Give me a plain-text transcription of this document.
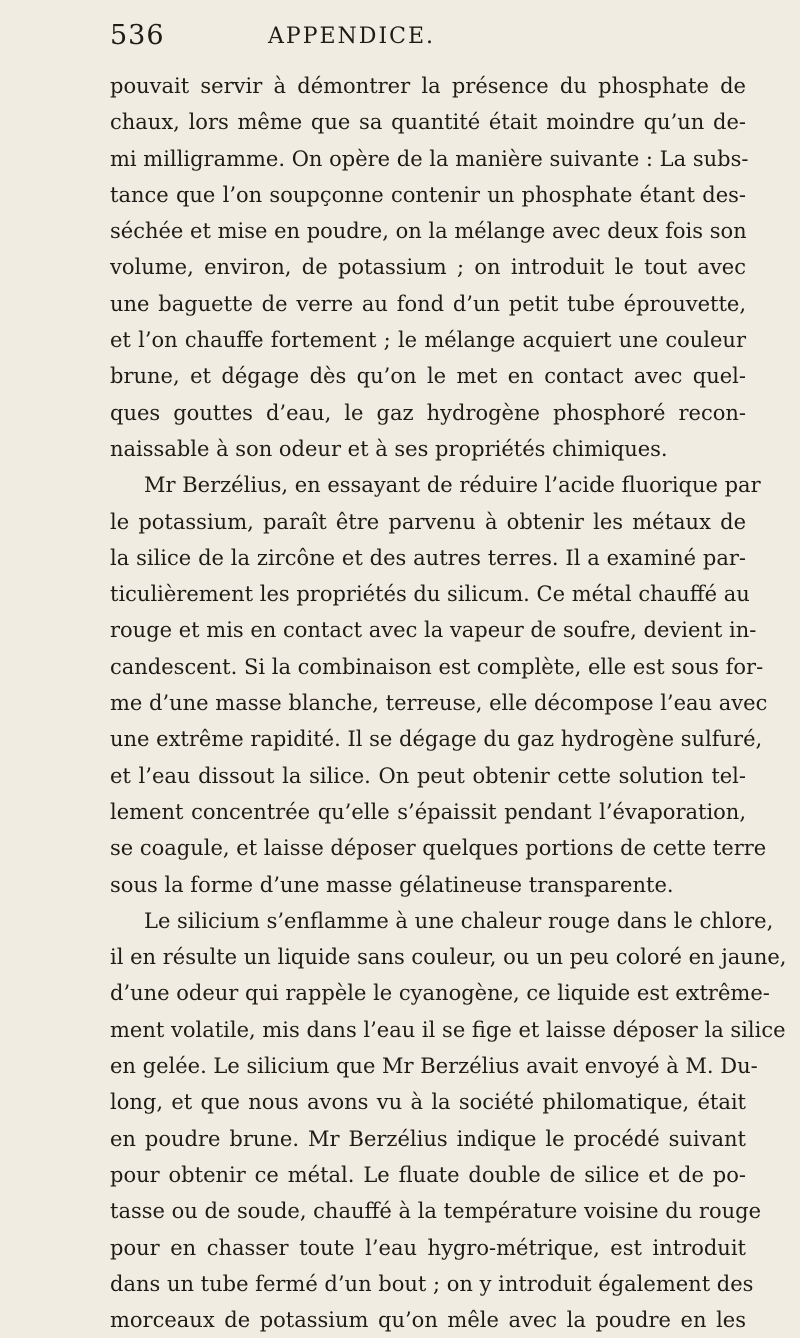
536	APPENDICE.
pouvait servir à démontrer la présence du phosphate de
chaux, lors même que sa quantité était moindre qu’un de-
mi milligramme. On opère de la manière suivante : La subs-
tance que l’on soupçonne contenir un phosphate étant des-
séchée et mise en poudre, on la mélange avec deux fois son
volume, environ, de potassium ; on introduit le tout avec
une baguette de verre au fond d’un petit tube éprouvette,
et l’on chauffe fortement ; le mélange acquiert une couleur
brune, et dégage dès qu’on le met en contact avec quel-
ques gouttes d’eau, le gaz hydrogène phosphoré recon-
naissable à son odeur et à ses propriétés chimiques.
Mr Berzélius, en essayant de réduire l’acide fluorique par
le potassium, paraît être parvenu à obtenir les métaux de
la silice de la zircône et des autres terres. Il a examiné par-
ticulièrement les propriétés du silicum. Ce métal chauffé au
rouge et mis en contact avec la vapeur de soufre, devient in-
candescent. Si la combinaison est complète, elle est sous for-
me d’une masse blanche, terreuse, elle décompose l’eau avec
une extrême rapidité. Il se dégage du gaz hydrogène sulfuré,
et l’eau dissout la silice. On peut obtenir cette solution tel-
lement concentrée qu’elle s’épaissit pendant l’évaporation,
se coagule, et laisse déposer quelques portions de cette terre
sous la forme d’une masse gélatineuse transparente.
Le silicium s’enflamme à une chaleur rouge dans le chlore,
il en résulte un liquide sans couleur, ou un peu coloré en jaune,
d’une odeur qui rappèle le cyanogène, ce liquide est extrême-
ment volatile, mis dans l’eau il se fige et laisse déposer la silice
en gelée. Le silicium que Mr Berzélius avait envoyé à M. Du-
long, et que nous avons vu à la société philomatique, était
en poudre brune. Mr Berzélius indique le procédé suivant
pour obtenir ce métal. Le fluate double de silice et de po-
tasse ou de soude, chauffé à la température voisine du rouge
pour en chasser toute l’eau hygro-métrique, est introduit
dans un tube fermé d’un bout ; on y introduit également des
morceaux de potassium qu’on mêle avec la poudre en les
